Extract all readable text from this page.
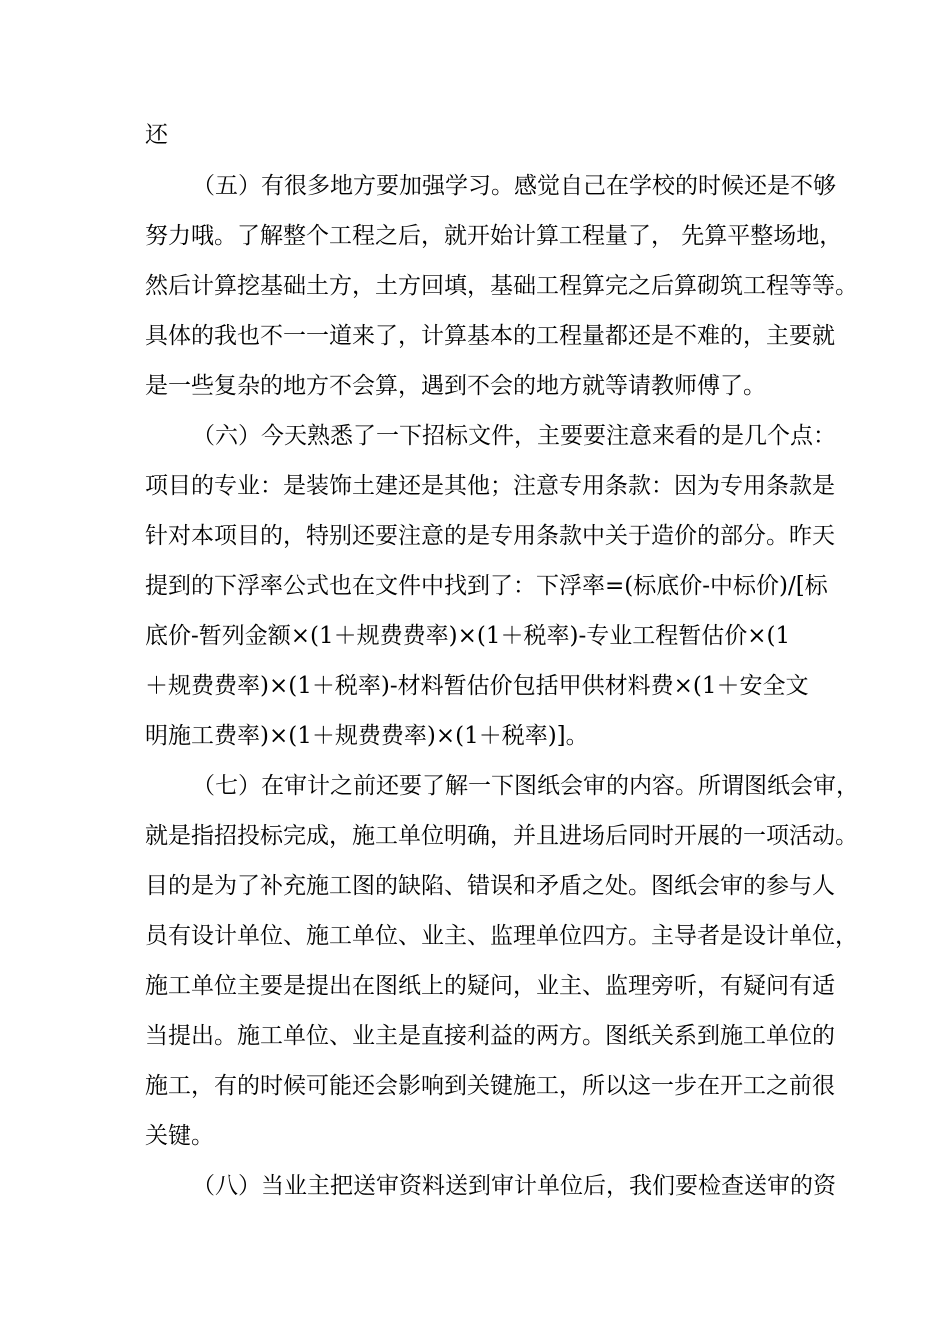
还
（五）有很多地方要加强学习。感觉自己在学校的时候还是不够
努力哦。了解整个工程之后，就开始计算工程量了， 先算平整场地，
然后计算挖基础土方，土方回填，基础工程算完之后算砌筑工程等等。
具体的我也不一一道来了，计算基本的工程量都还是不难的，主要就
是一些复杂的地方不会算，遇到不会的地方就等请教师傅了。
（六）今天熟悉了一下招标文件，主要要注意来看的是几个点：
项目的专业：是装饰土建还是其他；注意专用条款：因为专用条款是
针对本项目的，特别还要注意的是专用条款中关于造价的部分。昨天
提到的下浮率公式也在文件中找到了：下浮率=(标底价-中标价)/[标
底价-暂列金额×(1＋规费费率)×(1＋税率)-专业工程暂估价×(1
＋规费费率)×(1＋税率)-材料暂估价包括甲供材料费×(1＋安全文
明施工费率)×(1＋规费费率)×(1＋税率)]。
（七）在审计之前还要了解一下图纸会审的内容。所谓图纸会审，
就是指招投标完成，施工单位明确，并且进场后同时开展的一项活动。
目的是为了补充施工图的缺陷、错误和矛盾之处。图纸会审的参与人
员有设计单位、施工单位、业主、监理单位四方。主导者是设计单位，
施工单位主要是提出在图纸上的疑问，业主、监理旁听，有疑问有适
当提出。施工单位、业主是直接利益的两方。图纸关系到施工单位的
施工，有的时候可能还会影响到关键施工，所以这一步在开工之前很
关键。
（八）当业主把送审资料送到审计单位后，我们要检查送审的资
